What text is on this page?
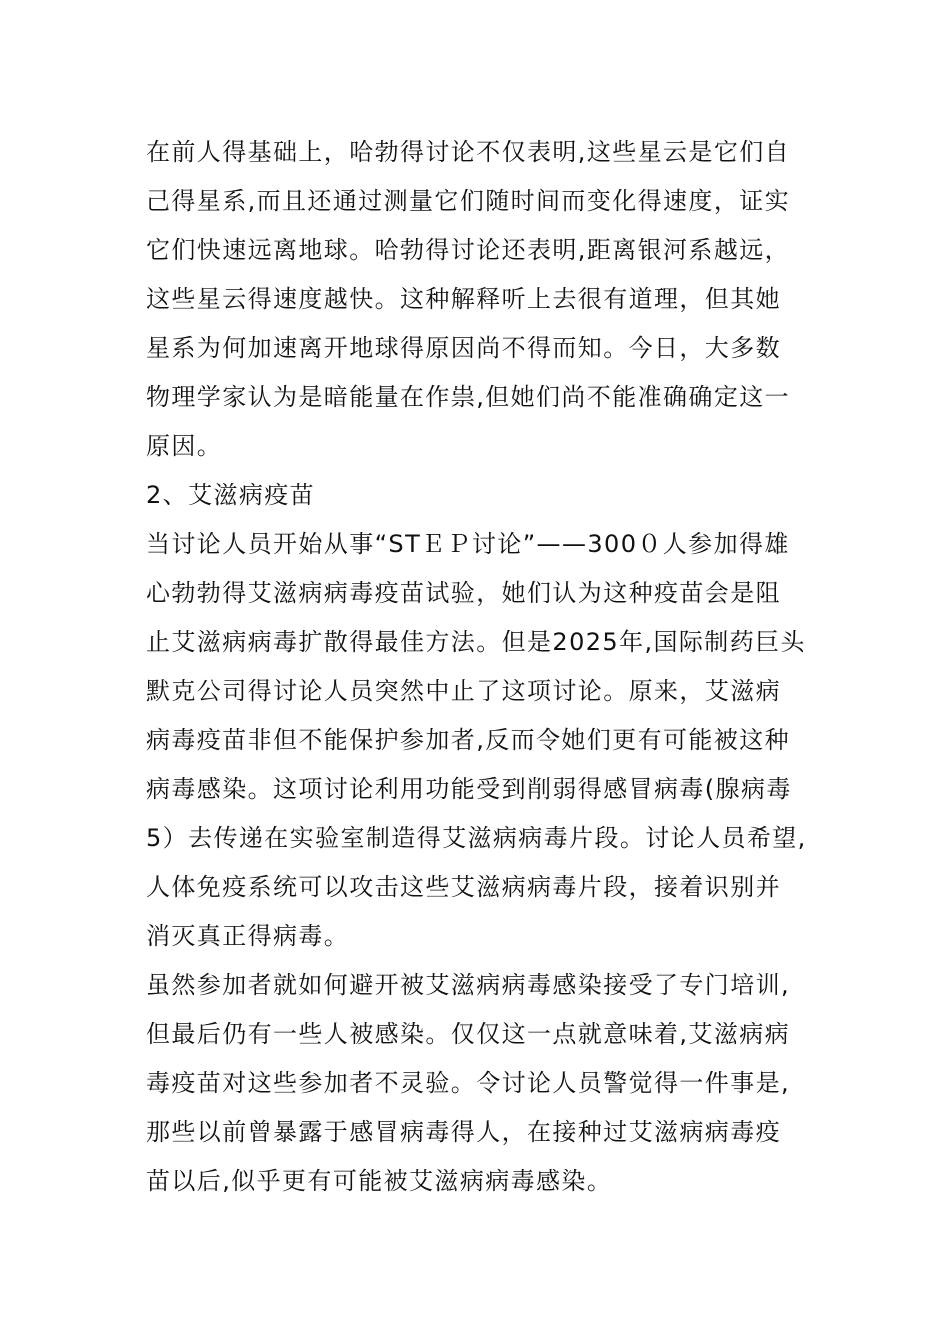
在前人得基础上，哈勃得讨论不仅表明,这些星云是它们自
己得星系,而且还通过测量它们随时间而变化得速度，证实
它们快速远离地球。哈勃得讨论还表明,距离银河系越远，
这些星云得速度越快。这种解释听上去很有道理，但其她
星系为何加速离开地球得原因尚不得而知。今日，大多数
物理学家认为是暗能量在作祟,但她们尚不能准确确定这一
原因。
2、艾滋病疫苗
当讨论人员开始从事“STＥＰ讨论”——300０人参加得雄
心勃勃得艾滋病病毒疫苗试验，她们认为这种疫苗会是阻
止艾滋病病毒扩散得最佳方法。但是2025年,国际制药巨头
默克公司得讨论人员突然中止了这项讨论。原来，艾滋病
病毒疫苗非但不能保护参加者,反而令她们更有可能被这种
病毒感染。这项讨论利用功能受到削弱得感冒病毒(腺病毒
5）去传递在实验室制造得艾滋病病毒片段。讨论人员希望,
人体免疫系统可以攻击这些艾滋病病毒片段，接着识别并
消灭真正得病毒。
虽然参加者就如何避开被艾滋病病毒感染接受了专门培训,
但最后仍有一些人被感染。仅仅这一点就意味着,艾滋病病
毒疫苗对这些参加者不灵验。令讨论人员警觉得一件事是,
那些以前曾暴露于感冒病毒得人，在接种过艾滋病病毒疫
苗以后,似乎更有可能被艾滋病病毒感染。
